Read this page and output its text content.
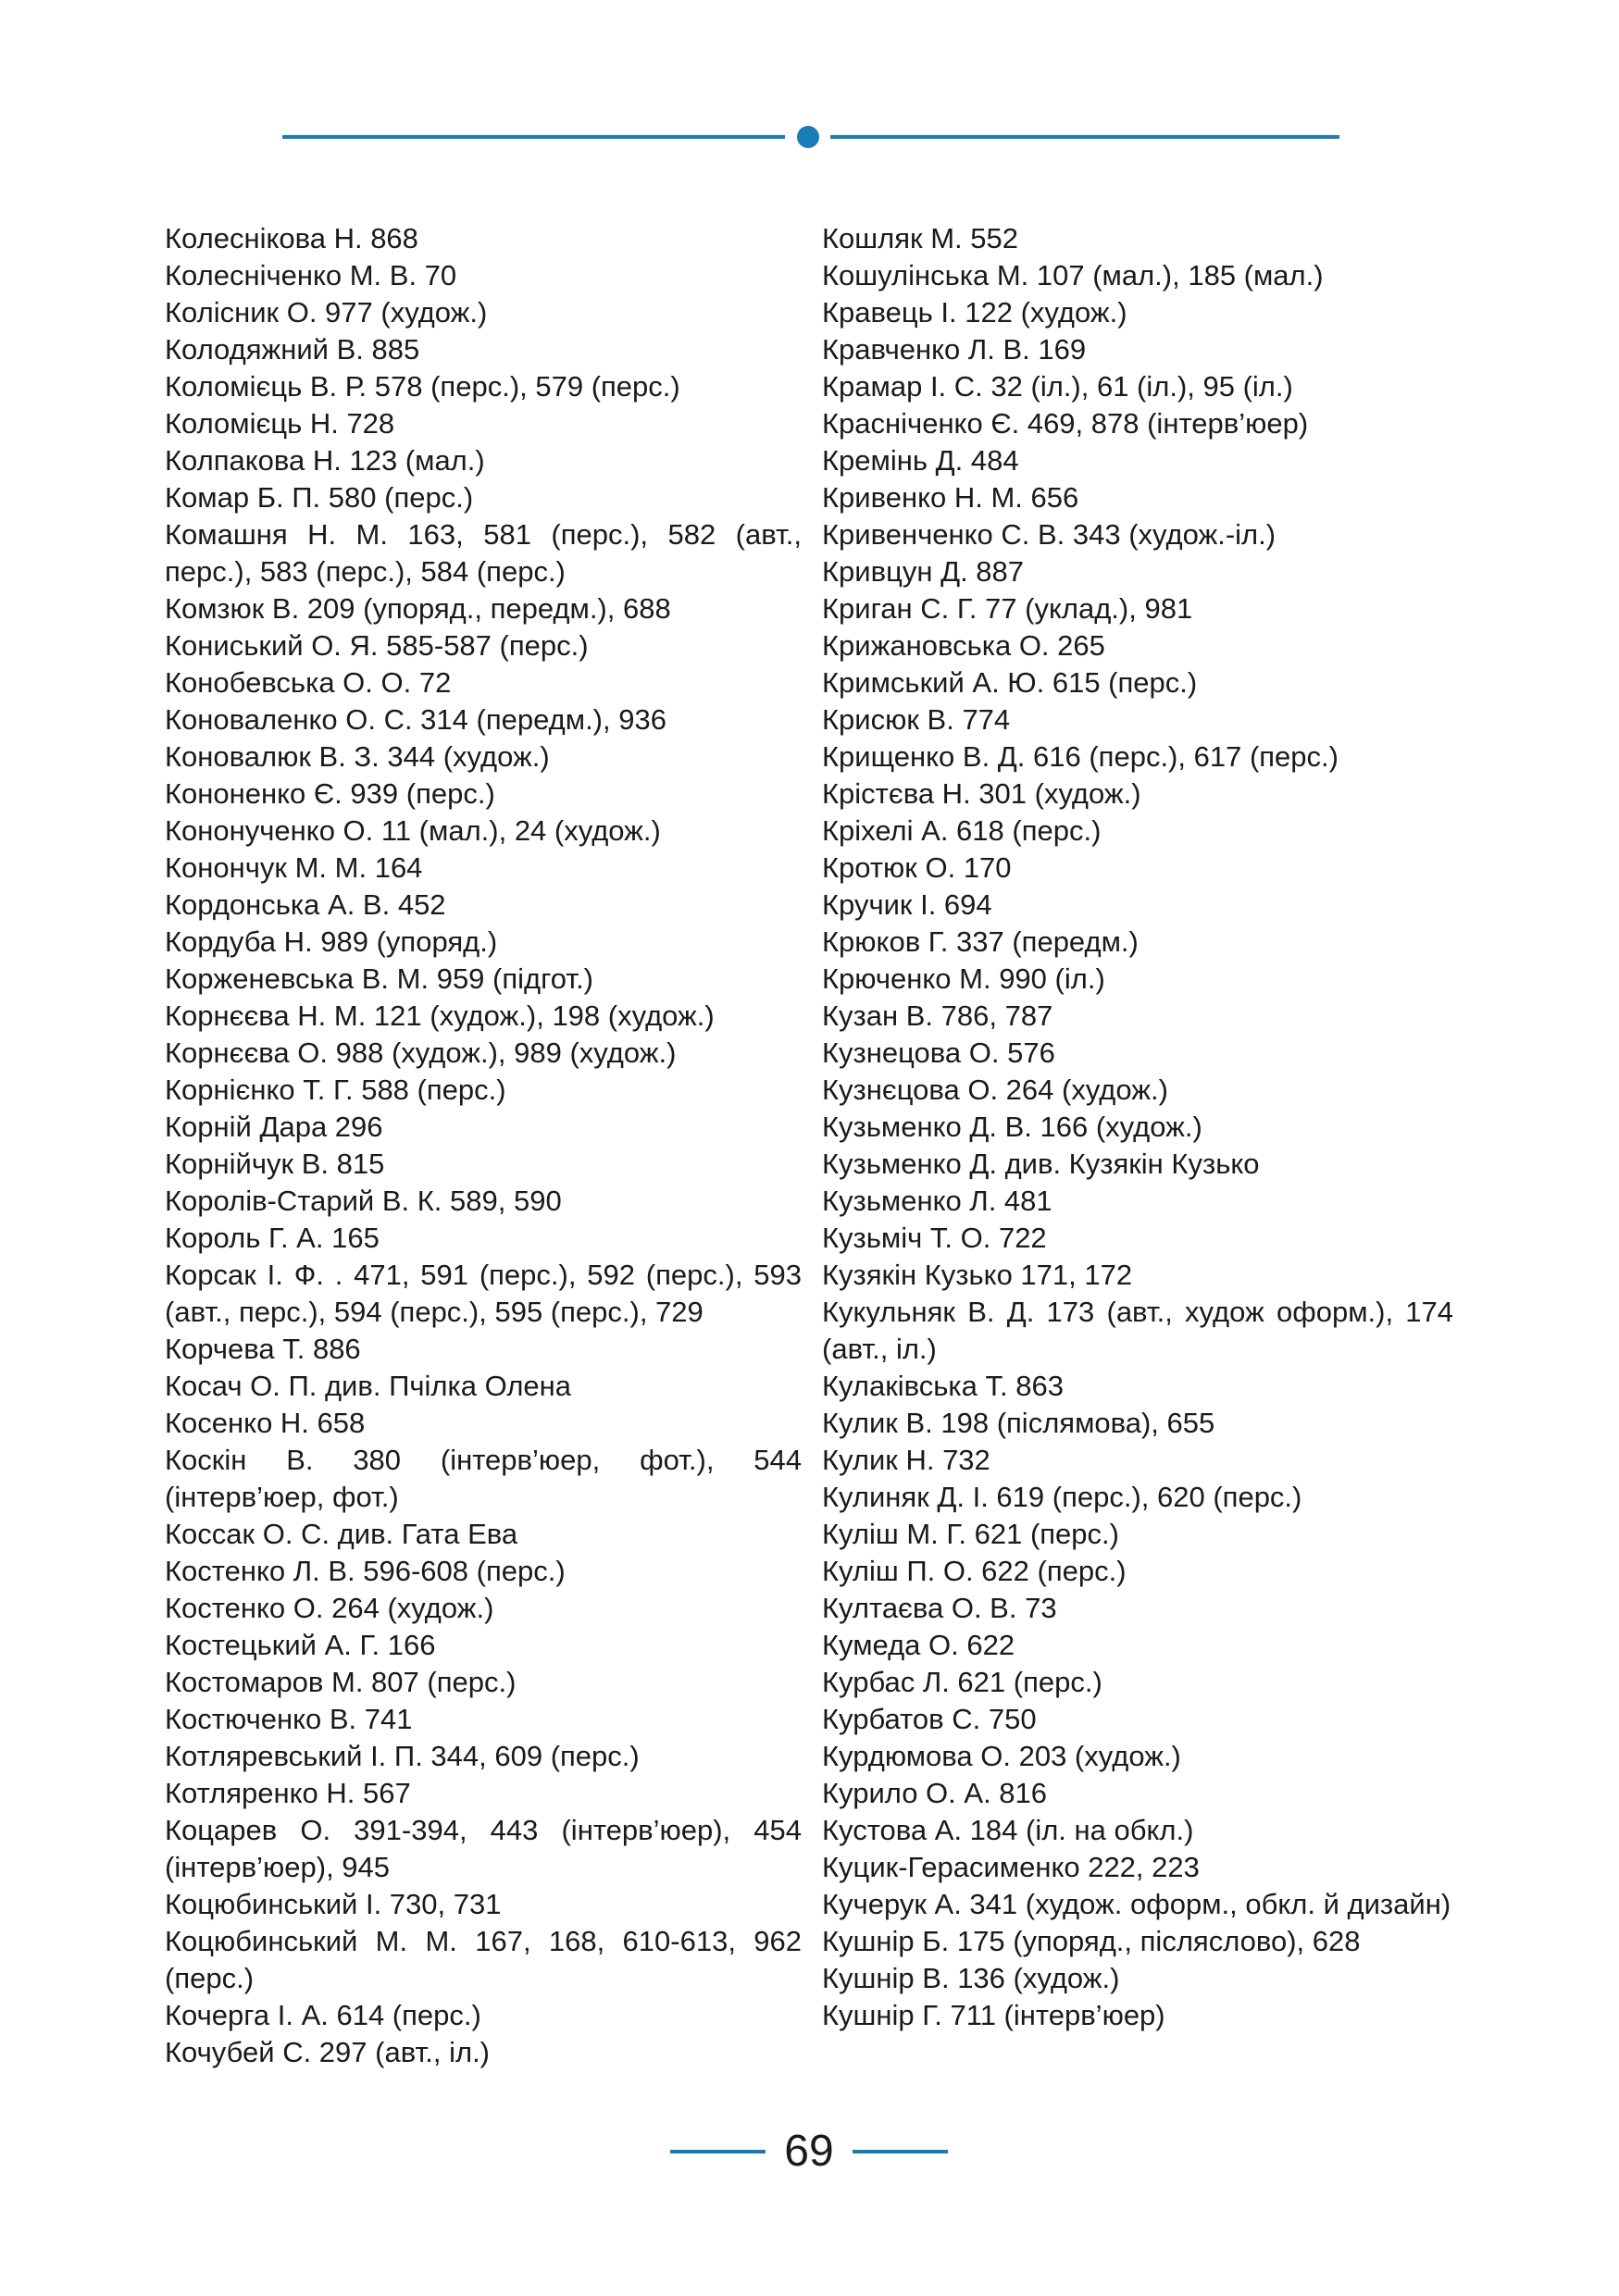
Колеснікова Н. 868
Колесніченко М. В. 70
Колісник О. 977 (худож.)
Колодяжний В. 885
Коломієць В. Р. 578 (перс.), 579 (перс.)
Коломієць Н. 728
Колпакова Н. 123 (мал.)
Комар Б. П. 580 (перс.)
Комашня Н. М. 163, 581 (перс.), 582 (авт., перс.), 583 (перс.), 584 (перс.)
Комзюк В. 209 (упоряд., передм.), 688
Кониський О. Я. 585-587 (перс.)
Конобевська О. О. 72
Коноваленко О. С. 314 (передм.), 936
Коновалюк В. З. 344 (худож.)
Кононенко Є. 939 (перс.)
Конoнученко О. 11 (мал.), 24 (худож.)
Конончук М. М. 164
Кордонська А. В. 452
Кордуба Н. 989 (упоряд.)
Корженевська В. М. 959 (підгот.)
Корнєєва Н. М. 121 (худож.), 198 (худож.)
Корнєєва О. 988 (худож.), 989 (худож.)
Корнієнко Т. Г. 588 (перс.)
Корній Дара 296
Корнійчук В. 815
Королів-Старий В. К. 589, 590
Король Г. А. 165
Корсак І. Ф. . 471, 591 (перс.), 592 (перс.), 593 (авт., перс.), 594 (перс.), 595 (перс.), 729
Корчева Т. 886
Косач О. П. див. Пчілка Олена
Косенко Н. 658
Коскін В. 380 (інтерв’юер, фот.), 544 (інтерв’юер, фот.)
Коссак О. С. див. Гата Ева
Костенко Л. В. 596-608 (перс.)
Костенко О. 264 (худож.)
Костецький А. Г. 166
Костомаров М. 807 (перс.)
Костюченко В. 741
Котляревський І. П. 344, 609 (перс.)
Котляренко Н. 567
Коцарев О. 391-394, 443 (інтерв’юер), 454 (інтерв’юер), 945
Коцюбинський І. 730, 731
Коцюбинський М. М. 167, 168, 610-613, 962 (перс.)
Кочерга І. А. 614 (перс.)
Кочубей С. 297 (авт., іл.)
Кошляк М. 552
Кошулінська М. 107 (мал.), 185 (мал.)
Кравець І. 122 (худож.)
Кравченко Л. В. 169
Крамар І. С. 32 (іл.), 61 (іл.), 95 (іл.)
Красніченко Є. 469, 878 (інтерв’юер)
Кремінь Д. 484
Кривенко Н. М. 656
Кривенченко С. В. 343 (худож.-іл.)
Кривцун Д. 887
Криган С. Г. 77 (уклад.), 981
Крижановська О. 265
Кримський А. Ю. 615 (перс.)
Крисюк В. 774
Крищенко В. Д. 616 (перс.), 617 (перс.)
Крістєва Н. 301 (худож.)
Кріхелі А. 618 (перс.)
Кротюк О. 170
Кручик І. 694
Крюков Г. 337 (передм.)
Крюченко М. 990 (іл.)
Кузан В. 786, 787
Кузнецова О. 576
Кузнєцова О. 264 (худож.)
Кузьменко Д. В. 166 (худож.)
Кузьменко Д. див. Кузякін Кузько
Кузьменко Л. 481
Кузьміч Т. О. 722
Кузякін Кузько 171, 172
Кукульняк В. Д. 173 (авт., худож оформ.), 174 (авт., іл.)
Кулаківська Т. 863
Кулик В. 198 (післямова), 655
Кулик Н. 732
Кулиняк Д. І. 619 (перс.), 620 (перс.)
Куліш М. Г. 621 (перс.)
Куліш П. О. 622 (перс.)
Култаєва О. В. 73
Кумеда О. 622
Курбас Л. 621 (перс.)
Курбатов С. 750
Курдюмова О. 203 (худож.)
Курило О. А. 816
Кустова А. 184 (іл. на обкл.)
Куцик-Герасименко 222, 223
Кучерук А. 341 (худож. оформ., обкл. й дизайн)
Кушнір Б. 175 (упоряд., післяслово), 628
Кушнір В. 136 (худож.)
Кушнір Г. 711 (інтерв’юер)
69
